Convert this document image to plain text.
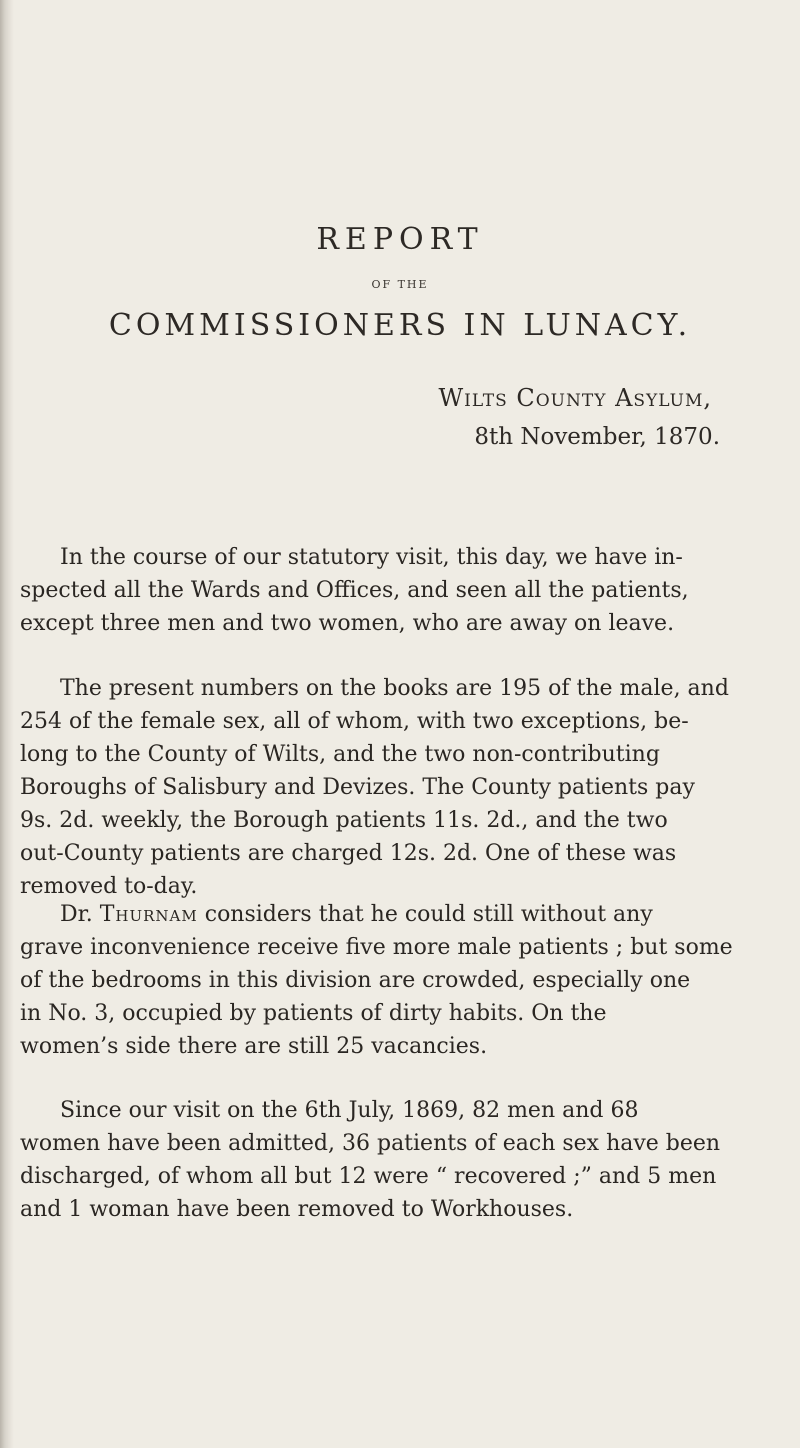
REPORT
OF THE
COMMISSIONERS IN LUNACY.
Wilts County Asylum,
8th November, 1870.
In the course of our statutory visit, this day, we have in-
spected all the Wards and Offices, and seen all the patients,
except three men and two women, who are away on leave.
The present numbers on the books are 195 of the male, and
254 of the female sex, all of whom, with two exceptions, be-
long to the County of Wilts, and the two non-contributing
Boroughs of Salisbury and Devizes. The County patients pay
9s. 2d. weekly, the Borough patients 11s. 2d., and the two
out-County patients are charged 12s. 2d. One of these was
removed to-day.
Dr. Thurnam considers that he could still without any
grave inconvenience receive five more male patients ; but some
of the bedrooms in this division are crowded, especially one
in No. 3, occupied by patients of dirty habits. On the
women’s side there are still 25 vacancies.
Since our visit on the 6th July, 1869, 82 men and 68
women have been admitted, 36 patients of each sex have been
discharged, of whom all but 12 were “ recovered ;” and 5 men
and 1 woman have been removed to Workhouses.
